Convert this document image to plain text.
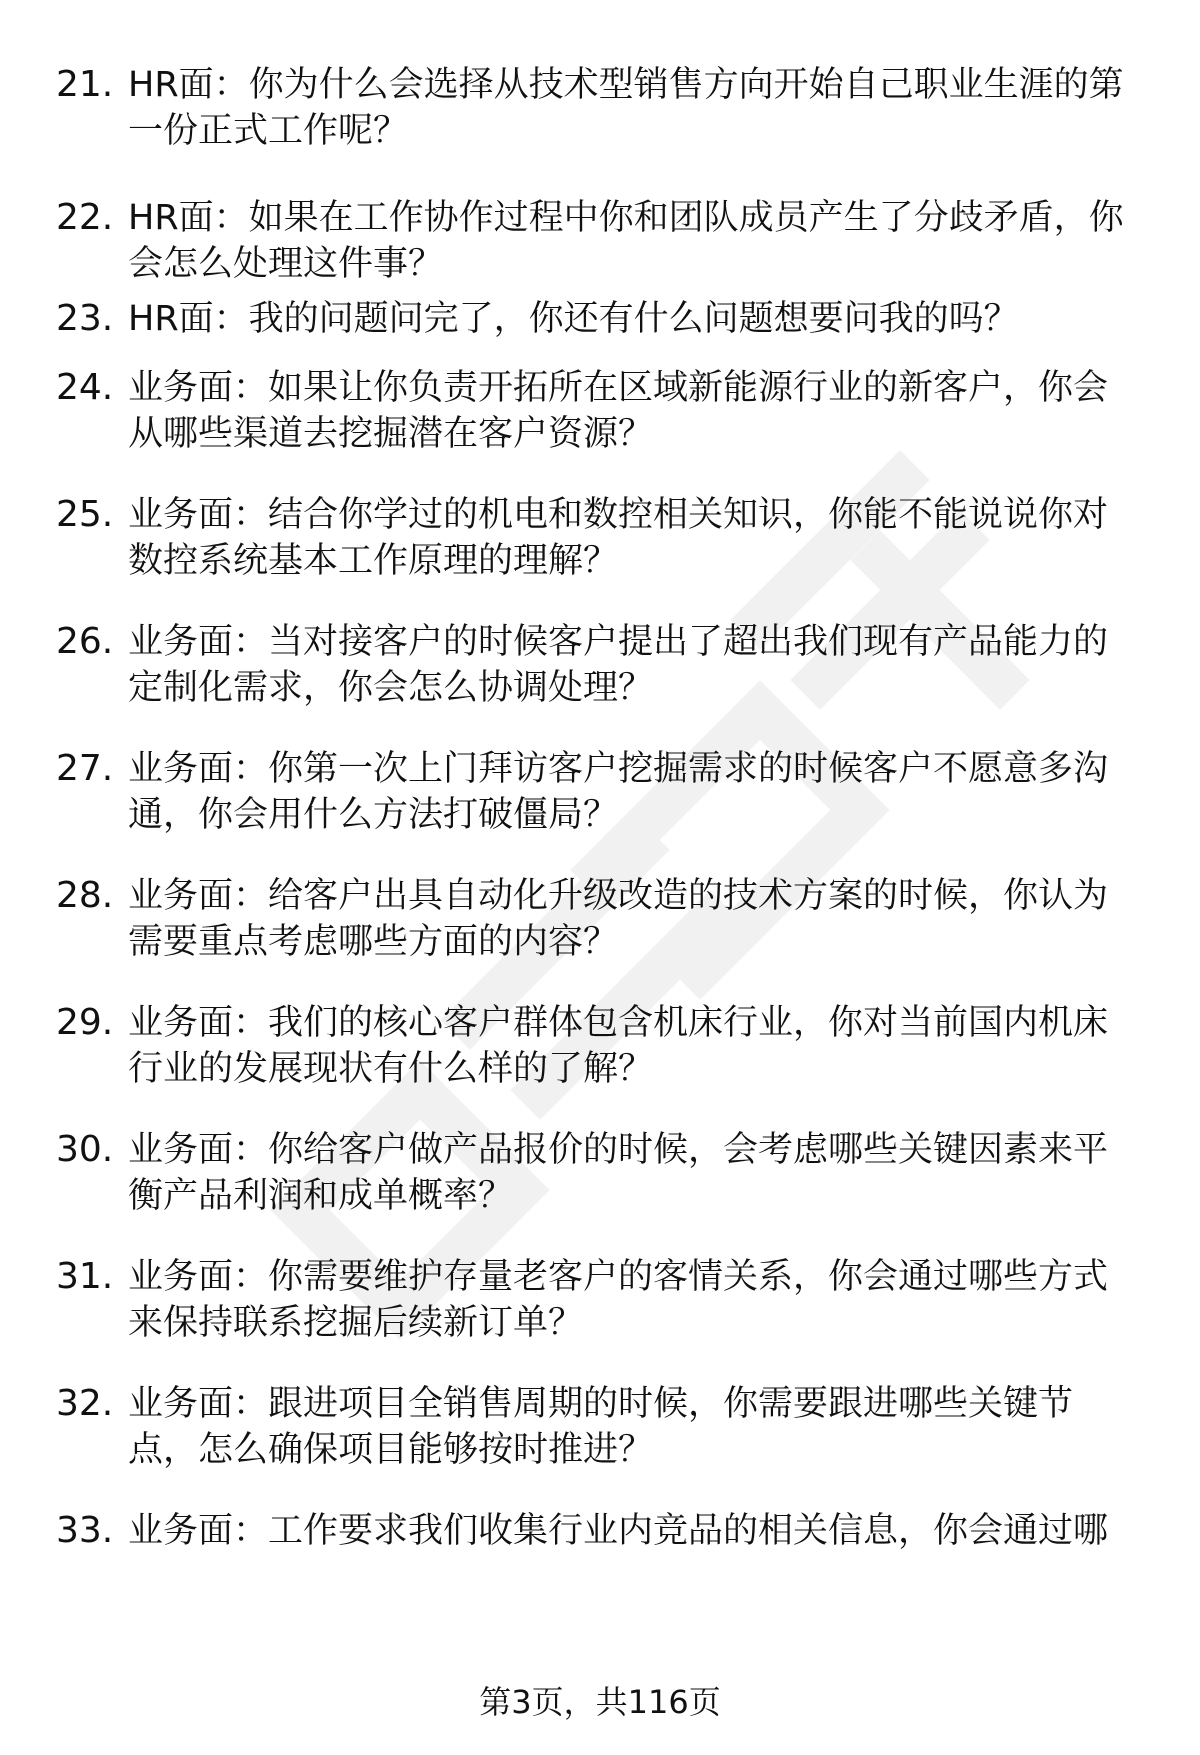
21. HR面：你为什么会选择从技术型销售方向开始自己职业生涯的第
一份正式工作呢？
22. HR面：如果在工作协作过程中你和团队成员产生了分歧矛盾，你
会怎么处理这件事？
23. HR面：我的问题问完了，你还有什么问题想要问我的吗？
24. 业务面：如果让你负责开拓所在区域新能源行业的新客户，你会
从哪些渠道去挖掘潜在客户资源？
25. 业务面：结合你学过的机电和数控相关知识，你能不能说说你对
数控系统基本工作原理的理解？
26. 业务面：当对接客户的时候客户提出了超出我们现有产品能力的
定制化需求，你会怎么协调处理？
27. 业务面：你第一次上门拜访客户挖掘需求的时候客户不愿意多沟
通，你会用什么方法打破僵局？
28. 业务面：给客户出具自动化升级改造的技术方案的时候，你认为
需要重点考虑哪些方面的内容？
29. 业务面：我们的核心客户群体包含机床行业，你对当前国内机床
行业的发展现状有什么样的了解？
30. 业务面：你给客户做产品报价的时候，会考虑哪些关键因素来平
衡产品利润和成单概率？
31. 业务面：你需要维护存量老客户的客情关系，你会通过哪些方式
来保持联系挖掘后续新订单？
32. 业务面：跟进项目全销售周期的时候，你需要跟进哪些关键节
点，怎么确保项目能够按时推进？
33. 业务面：工作要求我们收集行业内竞品的相关信息，你会通过哪
第3页，共116页
